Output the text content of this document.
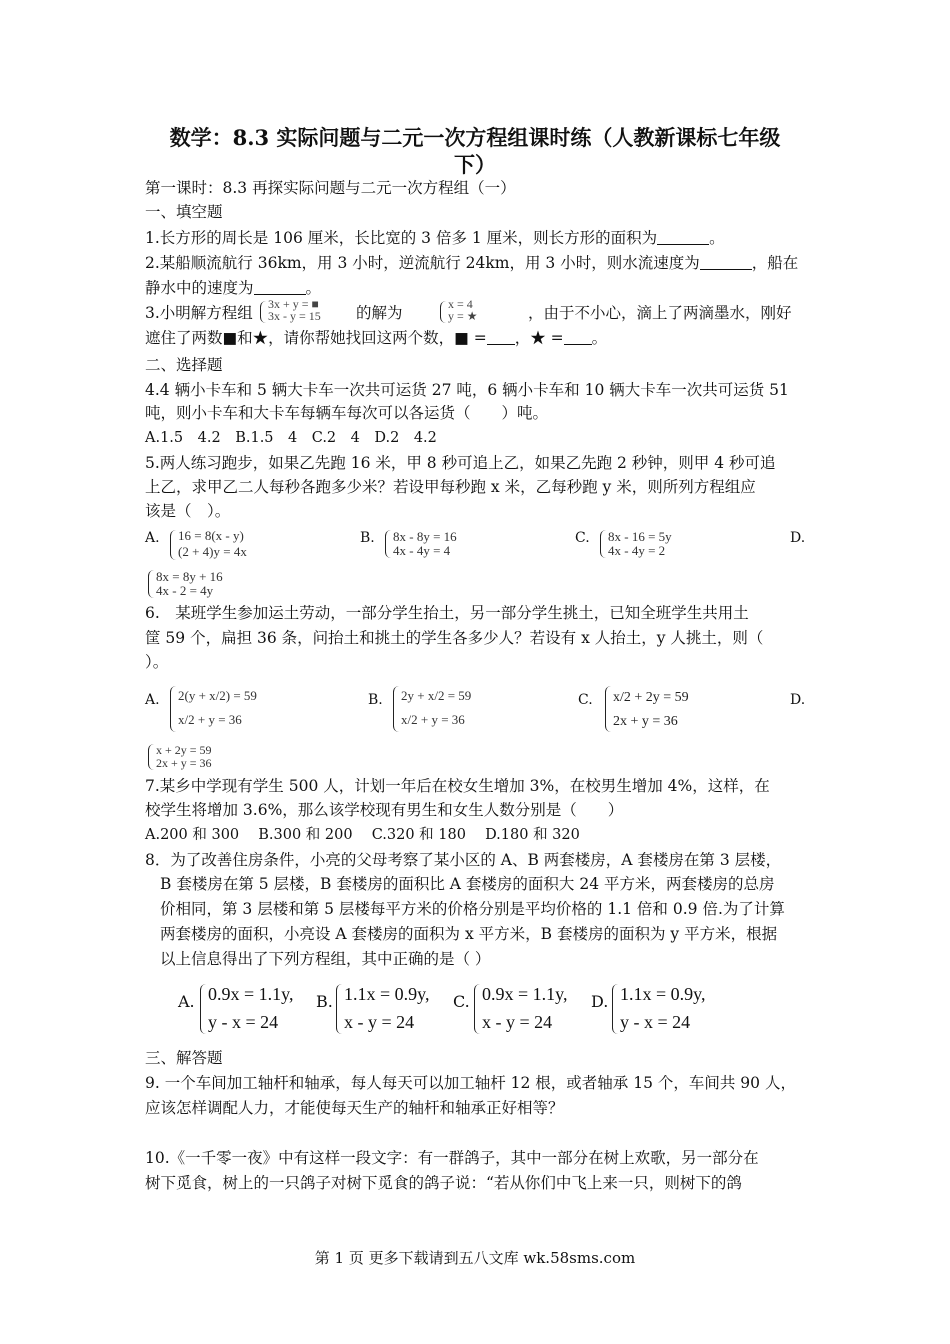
数学：8.3 实际问题与二元一次方程组课时练（人教新课标七年级
下）
第一课时：8.3 再探实际问题与二元一次方程组（一）
一、填空题
1.长方形的周长是 106 厘米，长比宽的 3 倍多 1 厘米，则长方形的面积为	。
2.某船顺流航行 36km，用 3 小时，逆流航行 24km，用 3 小时，则水流速度为	，船在
静水中的速度为	。
3.小明解方程组 3x + y = ■
3x - y = 15 的解为	x = 4
y = ★	，由于不小心，滴上了两滴墨水，刚好
遮住了两数■和★，请你帮她找回这两个数，■ = ，★ = 。
二、选择题
4.4 辆小卡车和 5 辆大卡车一次共可运货 27 吨，6 辆小卡车和 10 辆大卡车一次共可运货 51
吨，则小卡车和大卡车每辆车每次可以各运货（　　）吨。
A.1.5　4.2　B.1.5　4　C.2　4　D.2　4.2
5.两人练习跑步，如果乙先跑 16 米，甲 8 秒可追上乙，如果乙先跑 2 秒钟，则甲 4 秒可追
上乙，求甲乙二人每秒各跑多少米？若设甲每秒跑 x 米，乙每秒跑 y 米，则所列方程组应
该是（　）。
A. 16 = 8(x - y)
(2 + 4)y = 4x
B. 8x - 8y = 16
4x - 4y = 4
C. 8x - 16 = 5y
4x - 4y = 2
D.
8x = 8y + 16
4x - 2 = 4y
6.　某班学生参加运土劳动，一部分学生抬土，另一部分学生挑土，已知全班学生共用土
筐 59 个，扁担 36 条，问抬土和挑土的学生各多少人？若设有 x 人抬土，y 人挑土，则（
）。
A. 2(y + x/2) = 59
x/2 + y = 36
B. 2y + x/2 = 59
x/2 + y = 36
C. x/2 + 2y = 59
2x + y = 36
D.
x + 2y = 59
2x + y = 36
7.某乡中学现有学生 500 人，计划一年后在校女生增加 3%，在校男生增加 4%，这样，在
校学生将增加 3.6%，那么该学校现有男生和女生人数分别是（　　）
A.200 和 300　 B.300 和 200　 C.320 和 180　 D.180 和 320
8．为了改善住房条件，小亮的父母考察了某小区的 A、B 两套楼房，A 套楼房在第 3 层楼，
B 套楼房在第 5 层楼，B 套楼房的面积比 A 套楼房的面积大 24 平方米，两套楼房的总房
价相同，第 3 层楼和第 5 层楼每平方米的价格分别是平均价格的 1.1 倍和 0.9 倍.为了计算
两套楼房的面积，小亮设 A 套楼房的面积为 x 平方米，B 套楼房的面积为 y 平方米，根据
以上信息得出了下列方程组，其中正确的是（ ）
A. 0.9x = 1.1y,
y - x = 24
B. 1.1x = 0.9y,
x - y = 24
C. 0.9x = 1.1y,
x - y = 24
D. 1.1x = 0.9y,
y - x = 24
三、解答题
9. 一个车间加工轴杆和轴承，每人每天可以加工轴杆 12 根，或者轴承 15 个，车间共 90 人，
应该怎样调配人力，才能使每天生产的轴杆和轴承正好相等？
10.《一千零一夜》中有这样一段文字：有一群鸽子，其中一部分在树上欢歌，另一部分在
树下觅食，树上的一只鸽子对树下觅食的鸽子说：“若从你们中飞上来一只，则树下的鸽
第 1 页 更多下载请到五八文库 wk.58sms.com
